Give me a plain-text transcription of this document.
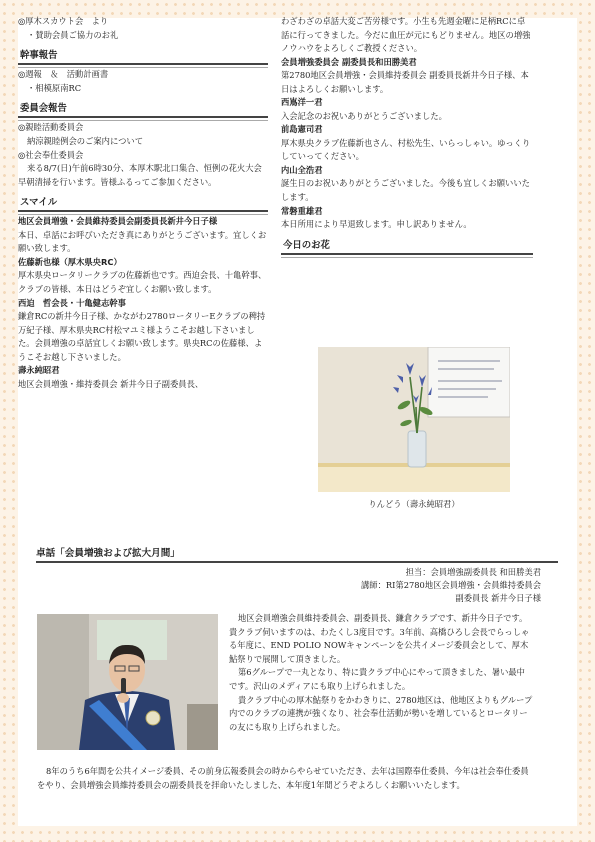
◎厚木スカウト会　より

・賛助会員ご協力のお礼

幹事報告

◎週報　＆　活動計画書

・相模原南RC

委員会報告

◎親睦活動委員会

納涼親睦例会のご案内について

◎社会奉仕委員会

来る8/7(日)午前6時30分、本厚木駅北口集合、恒例の花火大会早朝清掃を行います。皆様ふるってご参加ください。

スマイル

地区会員増強・会員維持委員会副委員長新井今日子様

本日、卓話にお呼びいただき真にありがとうございます。宜しくお願い致します。

佐藤新也様（厚木県央RC）

厚木県央ロータリークラブの佐藤新也です。西迫会長、十亀幹事、クラブの皆様、本日はどうぞ宜しくお願い致します。

西迫　哲会長・十亀健志幹事

鎌倉RCの新井今日子様、かながわ2780ロータリーEクラブの稗持万紀子様、厚木県央RC村松マユミ様ようこそお越し下さいました。会員増強の卓話宜しくお願い致します。県央RCの佐藤様、ようこそお越し下さいました。

壽永純昭君

地区会員増強・維持委員会 新井今日子副委員長、

わざわざの卓話大変ご苦労様です。小生も先週金曜に足柄RCに卓話に行ってきました。今だに血圧が元にもどりません。地区の増強ノウハウをよろしくご教授ください。

会員増強委員会 副委員長和田勝美君

第2780地区会員増強・会員維持委員会 副委員長新井今日子様、本日はよろしくお願いします。

西嶌洋一君

入会記念のお祝いありがとうございました。

前島憲司君

厚木県央クラブ佐藤新也さん、村松先生、いらっしゃい。ゆっくりしていってください。

内山全浩君

誕生日のお祝いありがとうございました。今後も宜しくお願いいたします。

常磐重雄君

本日所用により早退致します。申し訳ありません。

今日のお花
りんどう（壽永純昭君）
卓話「会員増強および拡大月間」
担当：会員増強副委員長 和田勝美君
講師：RI第2780地区会員増強・会員維持委員会
副委員長 新井今日子様

地区会員増強会員維持委員会、副委員長、鎌倉クラブです、新井今日子です。貴クラブ伺いますのは、わたくし3度目です。3年前、高橋ひろし会長でらっしゃる年度に、END POLIO NOWキャンペーンを公共イメージ委員会として、厚木鮎祭りで展開して頂きました。

第6グループで一丸となり、特に貴クラブ中心にやって頂きました、暑い最中です。沢山のメディアにも取り上げられました。

貴クラブ中心の厚木鮎祭りをかわきりに、2780地区は、他地区よりもグループ内でのクラブの連携が強くなり、社会奉仕活動が勢いを増しているとロータリーの友にも取り上げられました。

8年のうち6年間を公共イメージ委員、その前身広報委員会の時からやらせていただき、去年は国際奉仕委員、今年は社会奉仕委員をやり、会員増強会員維持委員会の副委員長を拝命いたしました、本年度1年間どうぞよろしくお願いいたします。
